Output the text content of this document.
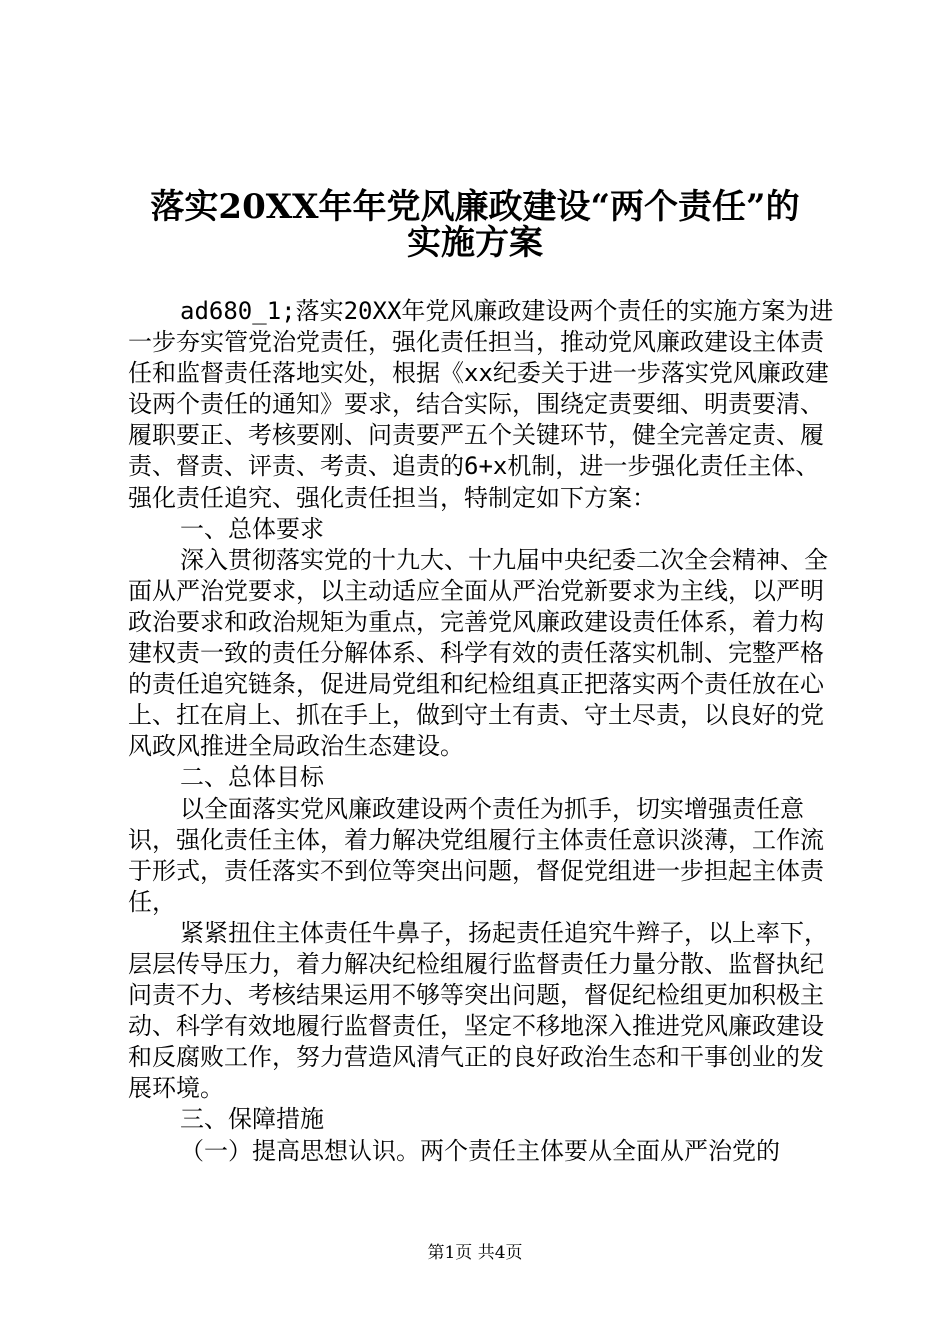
落实20XX年年党风廉政建设“两个责任”的
实施方案

ad680_1;落实20XX年党风廉政建设两个责任的实施方案为进一步夯实管党治党责任，强化责任担当，推动党风廉政建设主体责任和监督责任落地实处，根据《xx纪委关于进一步落实党风廉政建设两个责任的通知》要求，结合实际，围绕定责要细、明责要清、履职要正、考核要刚、问责要严五个关键环节，健全完善定责、履责、督责、评责、考责、追责的6+x机制，进一步强化责任主体、强化责任追究、强化责任担当，特制定如下方案：

一、总体要求

深入贯彻落实党的十九大、十九届中央纪委二次全会精神、全面从严治党要求，以主动适应全面从严治党新要求为主线，以严明政治要求和政治规矩为重点，完善党风廉政建设责任体系，着力构建权责一致的责任分解体系、科学有效的责任落实机制、完整严格的责任追究链条，促进局党组和纪检组真正把落实两个责任放在心上、扛在肩上、抓在手上，做到守土有责、守土尽责，以良好的党风政风推进全局政治生态建设。

二、总体目标

以全面落实党风廉政建设两个责任为抓手，切实增强责任意识，强化责任主体，着力解决党组履行主体责任意识淡薄，工作流于形式，责任落实不到位等突出问题，督促党组进一步担起主体责任，

紧紧扭住主体责任牛鼻子，扬起责任追究牛辫子，以上率下，层层传导压力，着力解决纪检组履行监督责任力量分散、监督执纪问责不力、考核结果运用不够等突出问题，督促纪检组更加积极主动、科学有效地履行监督责任，坚定不移地深入推进党风廉政建设和反腐败工作，努力营造风清气正的良好政治生态和干事创业的发展环境。

三、保障措施

（一）提高思想认识。两个责任主体要从全面从严治党的

第1页 共4页
